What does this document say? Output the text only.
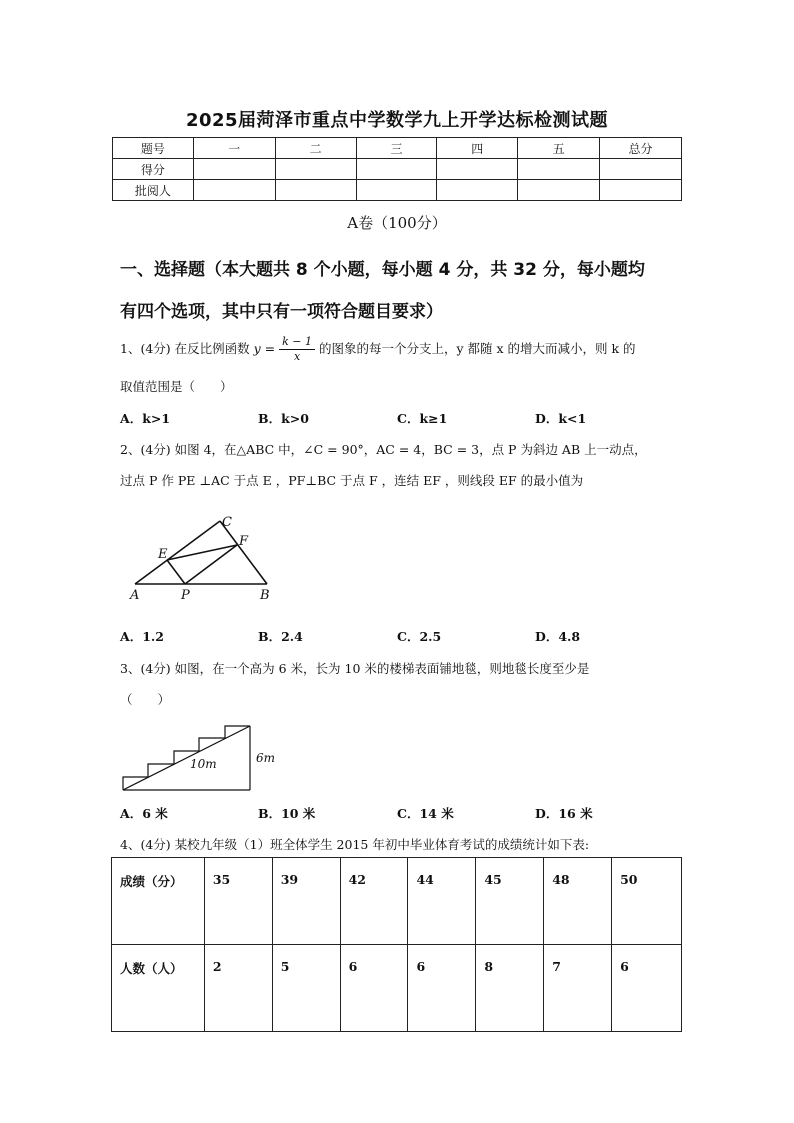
2025届菏泽市重点中学数学九上开学达标检测试题
题号	一	二	三	四	五	总分
得分						
批阅人						
A卷（100分）
一、选择题（本大题共 8 个小题，每小题 4 分，共 32 分，每小题均
有四个选项，其中只有一项符合题目要求）
1、(4分) 在反比例函数 $y = \frac{k - 1}{x}$ 的图象的每一个分支上，y 都随 x 的增大而减小，则 k 的
取值范围是（　　）
A．k>1	B．k>0	C．k≥1	D．k<1
2、(4分) 如图 4，在△ABC 中，∠C = 90°，AC = 4，BC = 3，点 P 为斜边 AB 上一动点，
过点 P 作 PE ⊥AC 于点 E ，PF⊥BC 于点 F ，连结 EF ，则线段 EF 的最小值为
C
E
F
A	P	B
A．1.2	B．2.4	C．2.5	D．4.8
3、(4分) 如图，在一个高为 6 米，长为 10 米的楼梯表面铺地毯，则地毯长度至少是
（　　）
10m	6m
A．6 米	B．10 米	C．14 米	D．16 米
4、(4分) 某校九年级（1）班全体学生 2015 年初中毕业体育考试的成绩统计如下表:
成绩（分）	35	39	42	44	45	48	50
人数（人）	2	5	6	6	8	7	6
